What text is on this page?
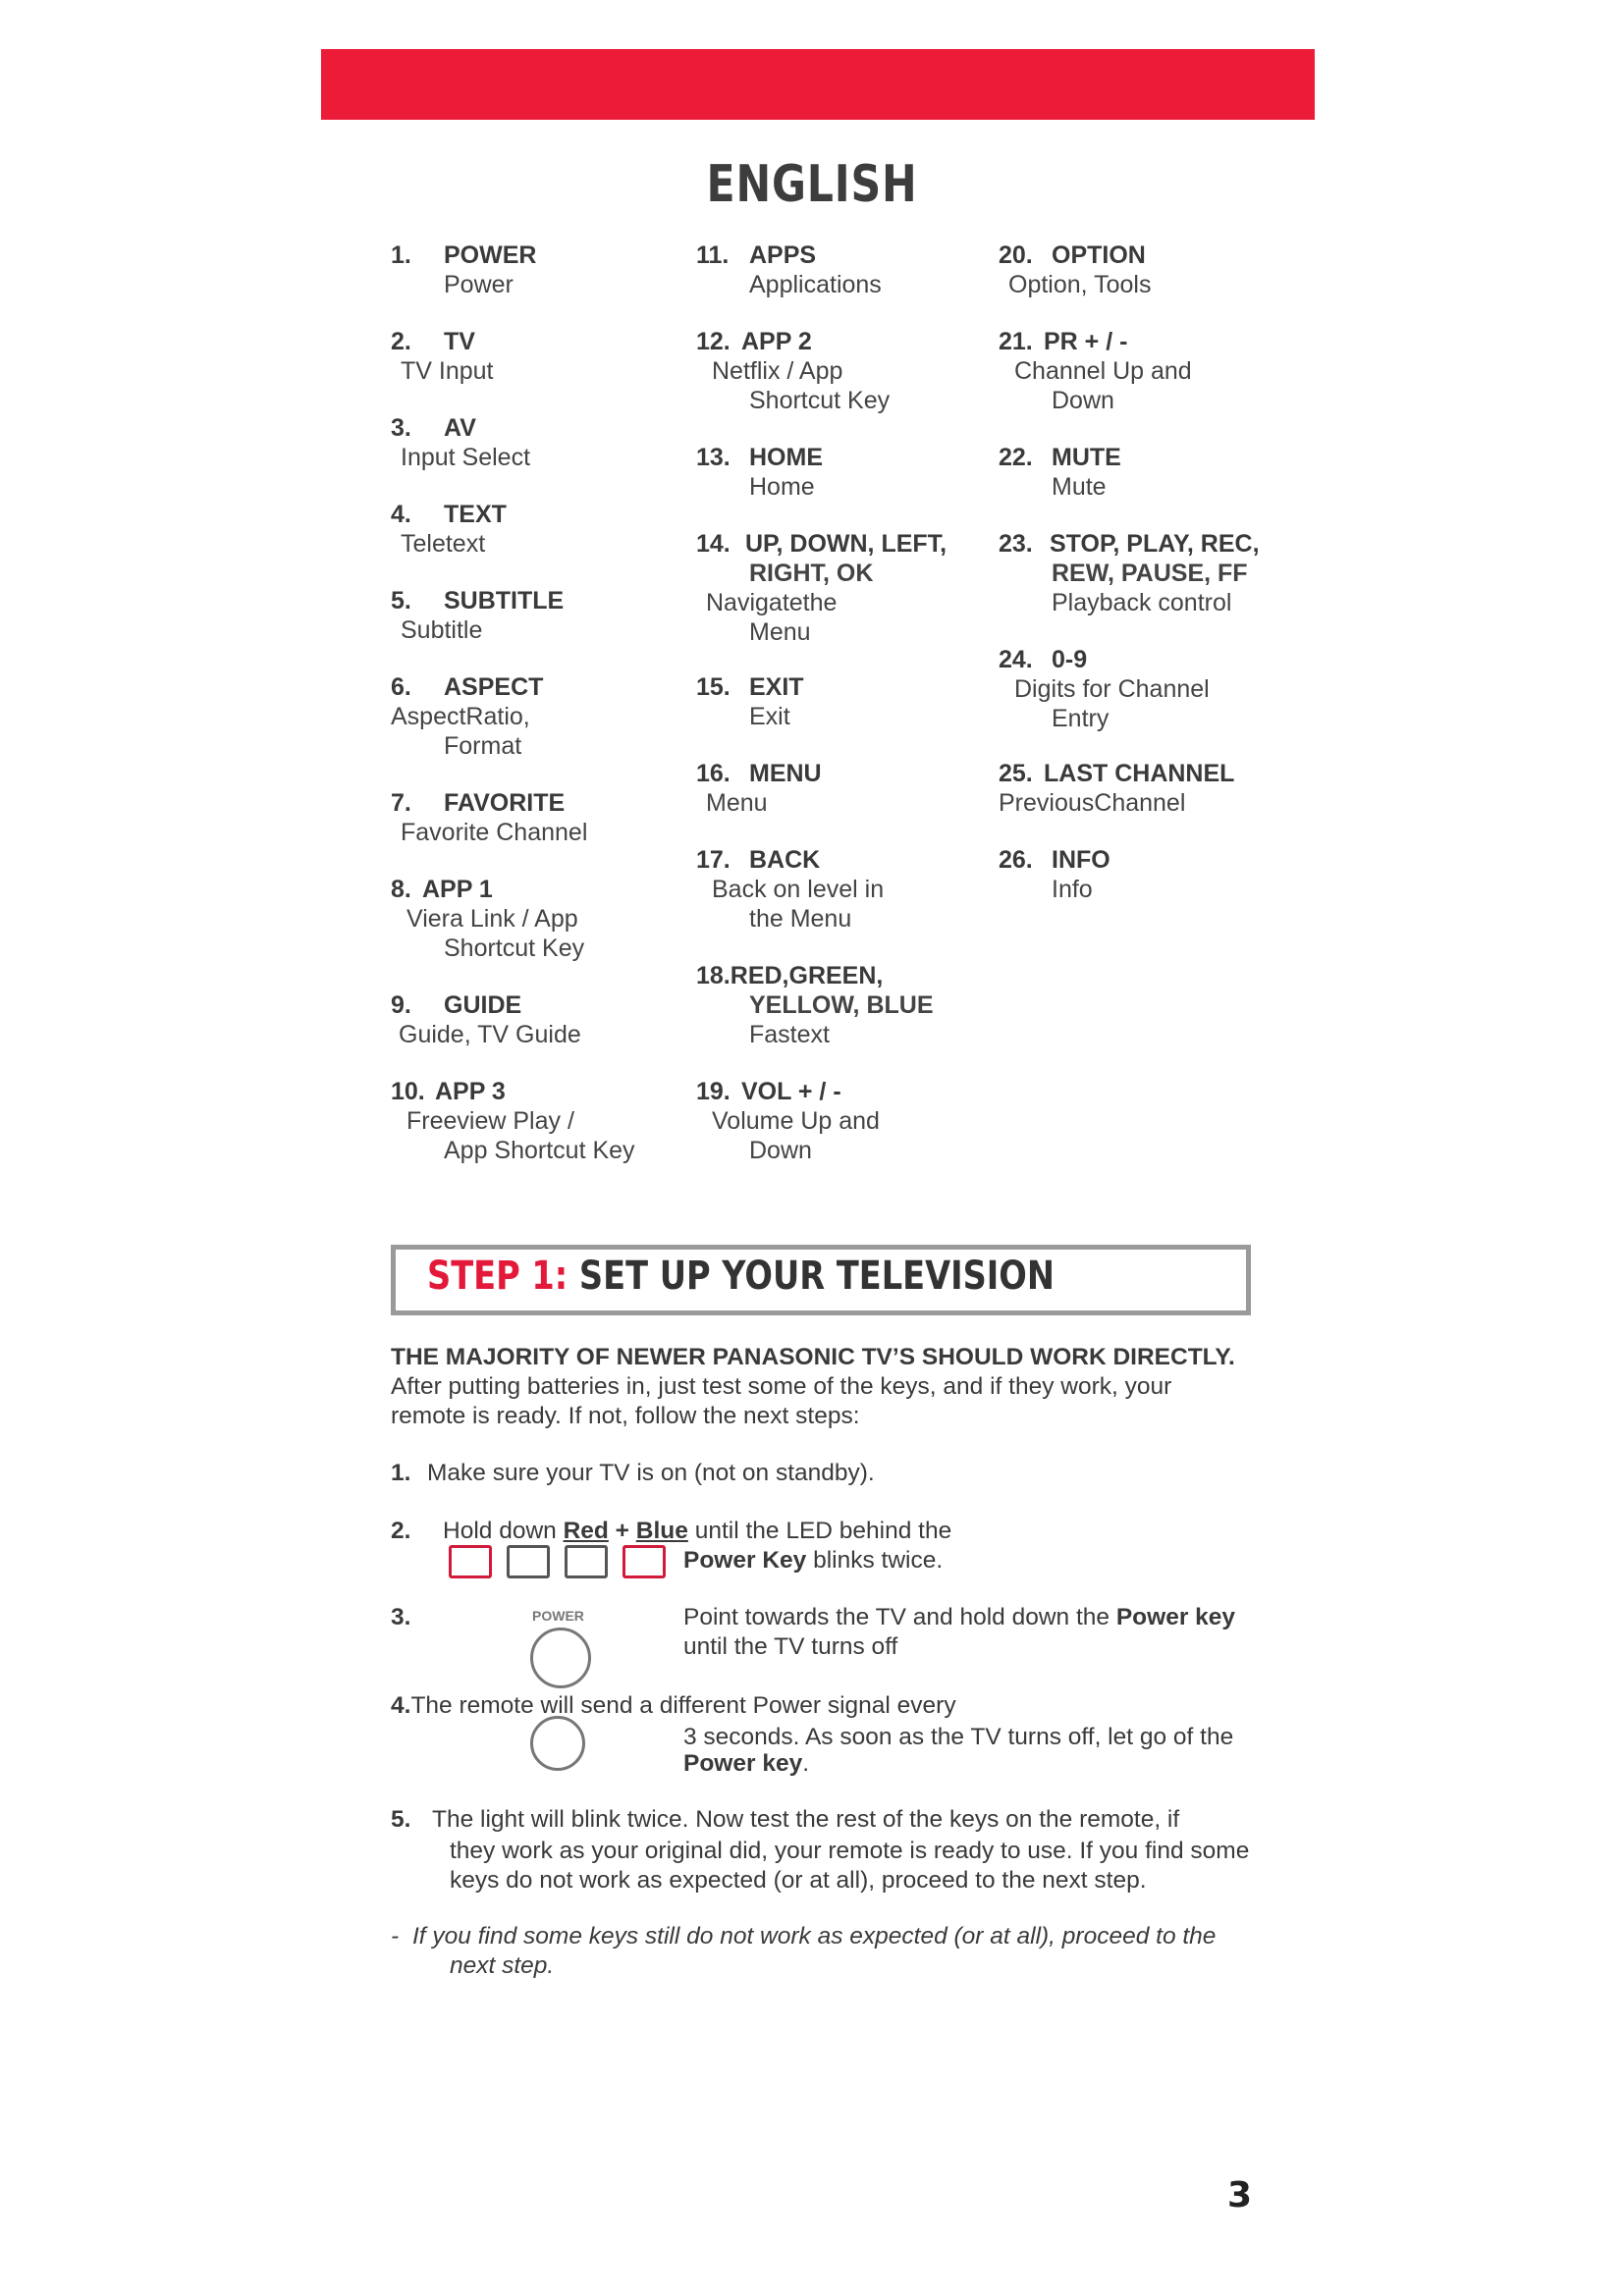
ENGLISH
1. POWER
Power
2. TV
TV Input
3. AV
Input Select
4. TEXT
Teletext
5. SUBTITLE
Subtitle
6. ASPECT
AspectRatio,
Format
7. FAVORITE
Favorite Channel
8. APP 1
Viera Link / App
Shortcut Key
9. GUIDE
Guide, TV Guide
10. APP 3
Freeview Play /
App Shortcut Key
11. APPS
Applications
12. APP 2
Netflix / App
Shortcut Key
13. HOME
Home
14. UP, DOWN, LEFT,
RIGHT, OK
Navigatethe
Menu
15. EXIT
Exit
16. MENU
Menu
17. BACK
Back on level in
the Menu
18.RED,GREEN,
YELLOW, BLUE
Fastext
19. VOL + / -
Volume Up and
Down
20. OPTION
Option, Tools
21. PR + / -
Channel Up and
Down
22. MUTE
Mute
23. STOP, PLAY, REC,
REW, PAUSE, FF
Playback control
24. 0-9
Digits for Channel
Entry
25. LAST CHANNEL
PreviousChannel
26. INFO
Info
STEP 1: SET UP YOUR TELEVISION
THE MAJORITY OF NEWER PANASONIC TV’S SHOULD WORK DIRECTLY.
After putting batteries in, just test some of the keys, and if they work, your
remote is ready. If not, follow the next steps:
1. Make sure your TV is on (not on standby).
2. Hold down Red + Blue until the LED behind the
Power Key blinks twice.
3.	Point towards the TV and hold down the Power key
until the TV turns off
POWER
4.The remote will send a different Power signal every
3 seconds. As soon as the TV turns off, let go of the
Power key.
5. The light will blink twice. Now test the rest of the keys on the remote, if
they work as your original did, your remote is ready to use. If you find some
keys do not work as expected (or at all), proceed to the next step.
- If you find some keys still do not work as expected (or at all), proceed to the
next step.
3
